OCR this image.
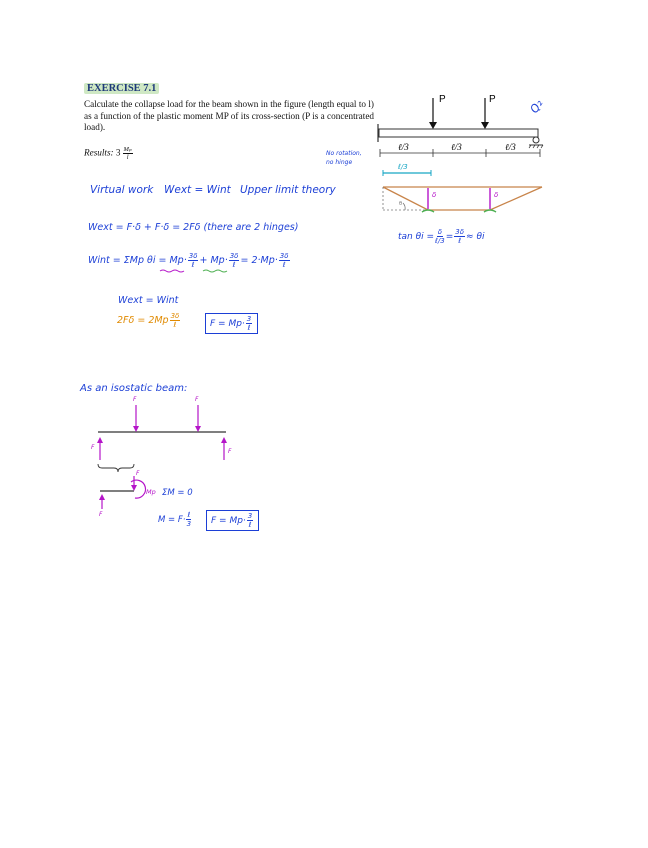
EXERCISE 7.1
Calculate the collapse load for the beam shown in the figure (length equal to l) as a function of the plastic moment MP of its cross-section (P is a concentrated load).
Results: $3 \frac{\text{Mₚ}}{l}$
P	P
ℓ/3	ℓ/3	ℓ/3
Q₂
No rotation,
no hinge
ℓ/3
δ	δ
θ
Virtual work Wext = Wint Upper limit theory
Wext = F·δ + F·δ = 2Fδ (there are 2 hinges)
Wint = ΣMp θi = Mp· 3δ
ℓ + Mp· 3δ
ℓ = 2·Mp· 3δ
ℓ
tan θi = δ
ℓ/3 = 3δ
ℓ ≈ θi
Wext = Wint
2Fδ = 2Mp 3δ
ℓ	F = Mp· 3
ℓ
As an isostatic beam:
F	F
F
F
F
Mp
F
ΣM = 0
M = F· ℓ
3 F = Mp· 3
ℓ
